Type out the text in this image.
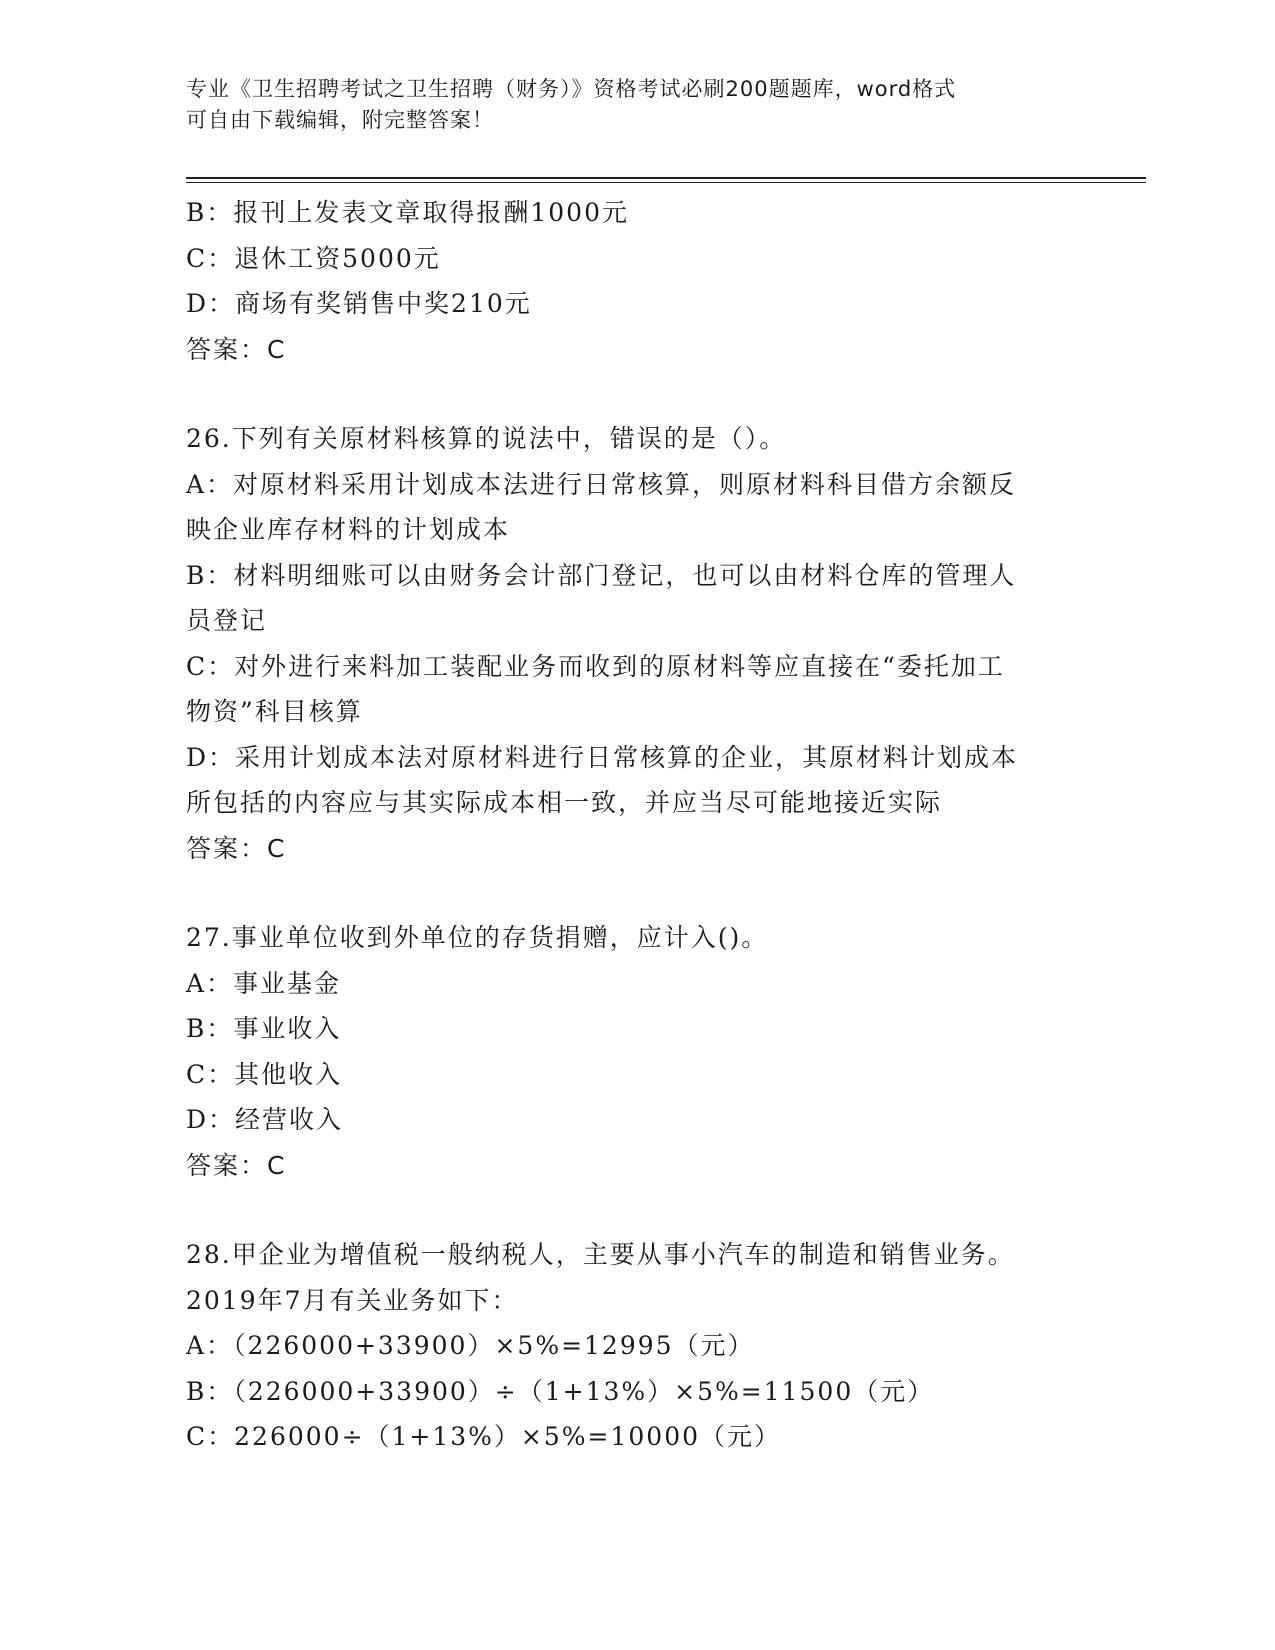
专业《卫生招聘考试之卫生招聘（财务）》资格考试必刷200题题库，word格式
可自由下载编辑，附完整答案！
B：报刊上发表文章取得报酬1000元
C：退休工资5000元
D：商场有奖销售中奖210元
答案：C
26.下列有关原材料核算的说法中，错误的是（）。
A：对原材料采用计划成本法进行日常核算，则原材料科目借方余额反
映企业库存材料的计划成本
B：材料明细账可以由财务会计部门登记，也可以由材料仓库的管理人
员登记
C：对外进行来料加工装配业务而收到的原材料等应直接在“委托加工
物资”科目核算
D：采用计划成本法对原材料进行日常核算的企业，其原材料计划成本
所包括的内容应与其实际成本相一致，并应当尽可能地接近实际
答案：C
27.事业单位收到外单位的存货捐赠，应计入()。
A：事业基金
B：事业收入
C：其他收入
D：经营收入
答案：C
28.甲企业为增值税一般纳税人，主要从事小汽车的制造和销售业务。
2019年7月有关业务如下：
A：（226000+33900）×5%=12995（元）
B：（226000+33900）÷（1+13%）×5%=11500（元）
C：226000÷（1+13%）×5%=10000（元）
